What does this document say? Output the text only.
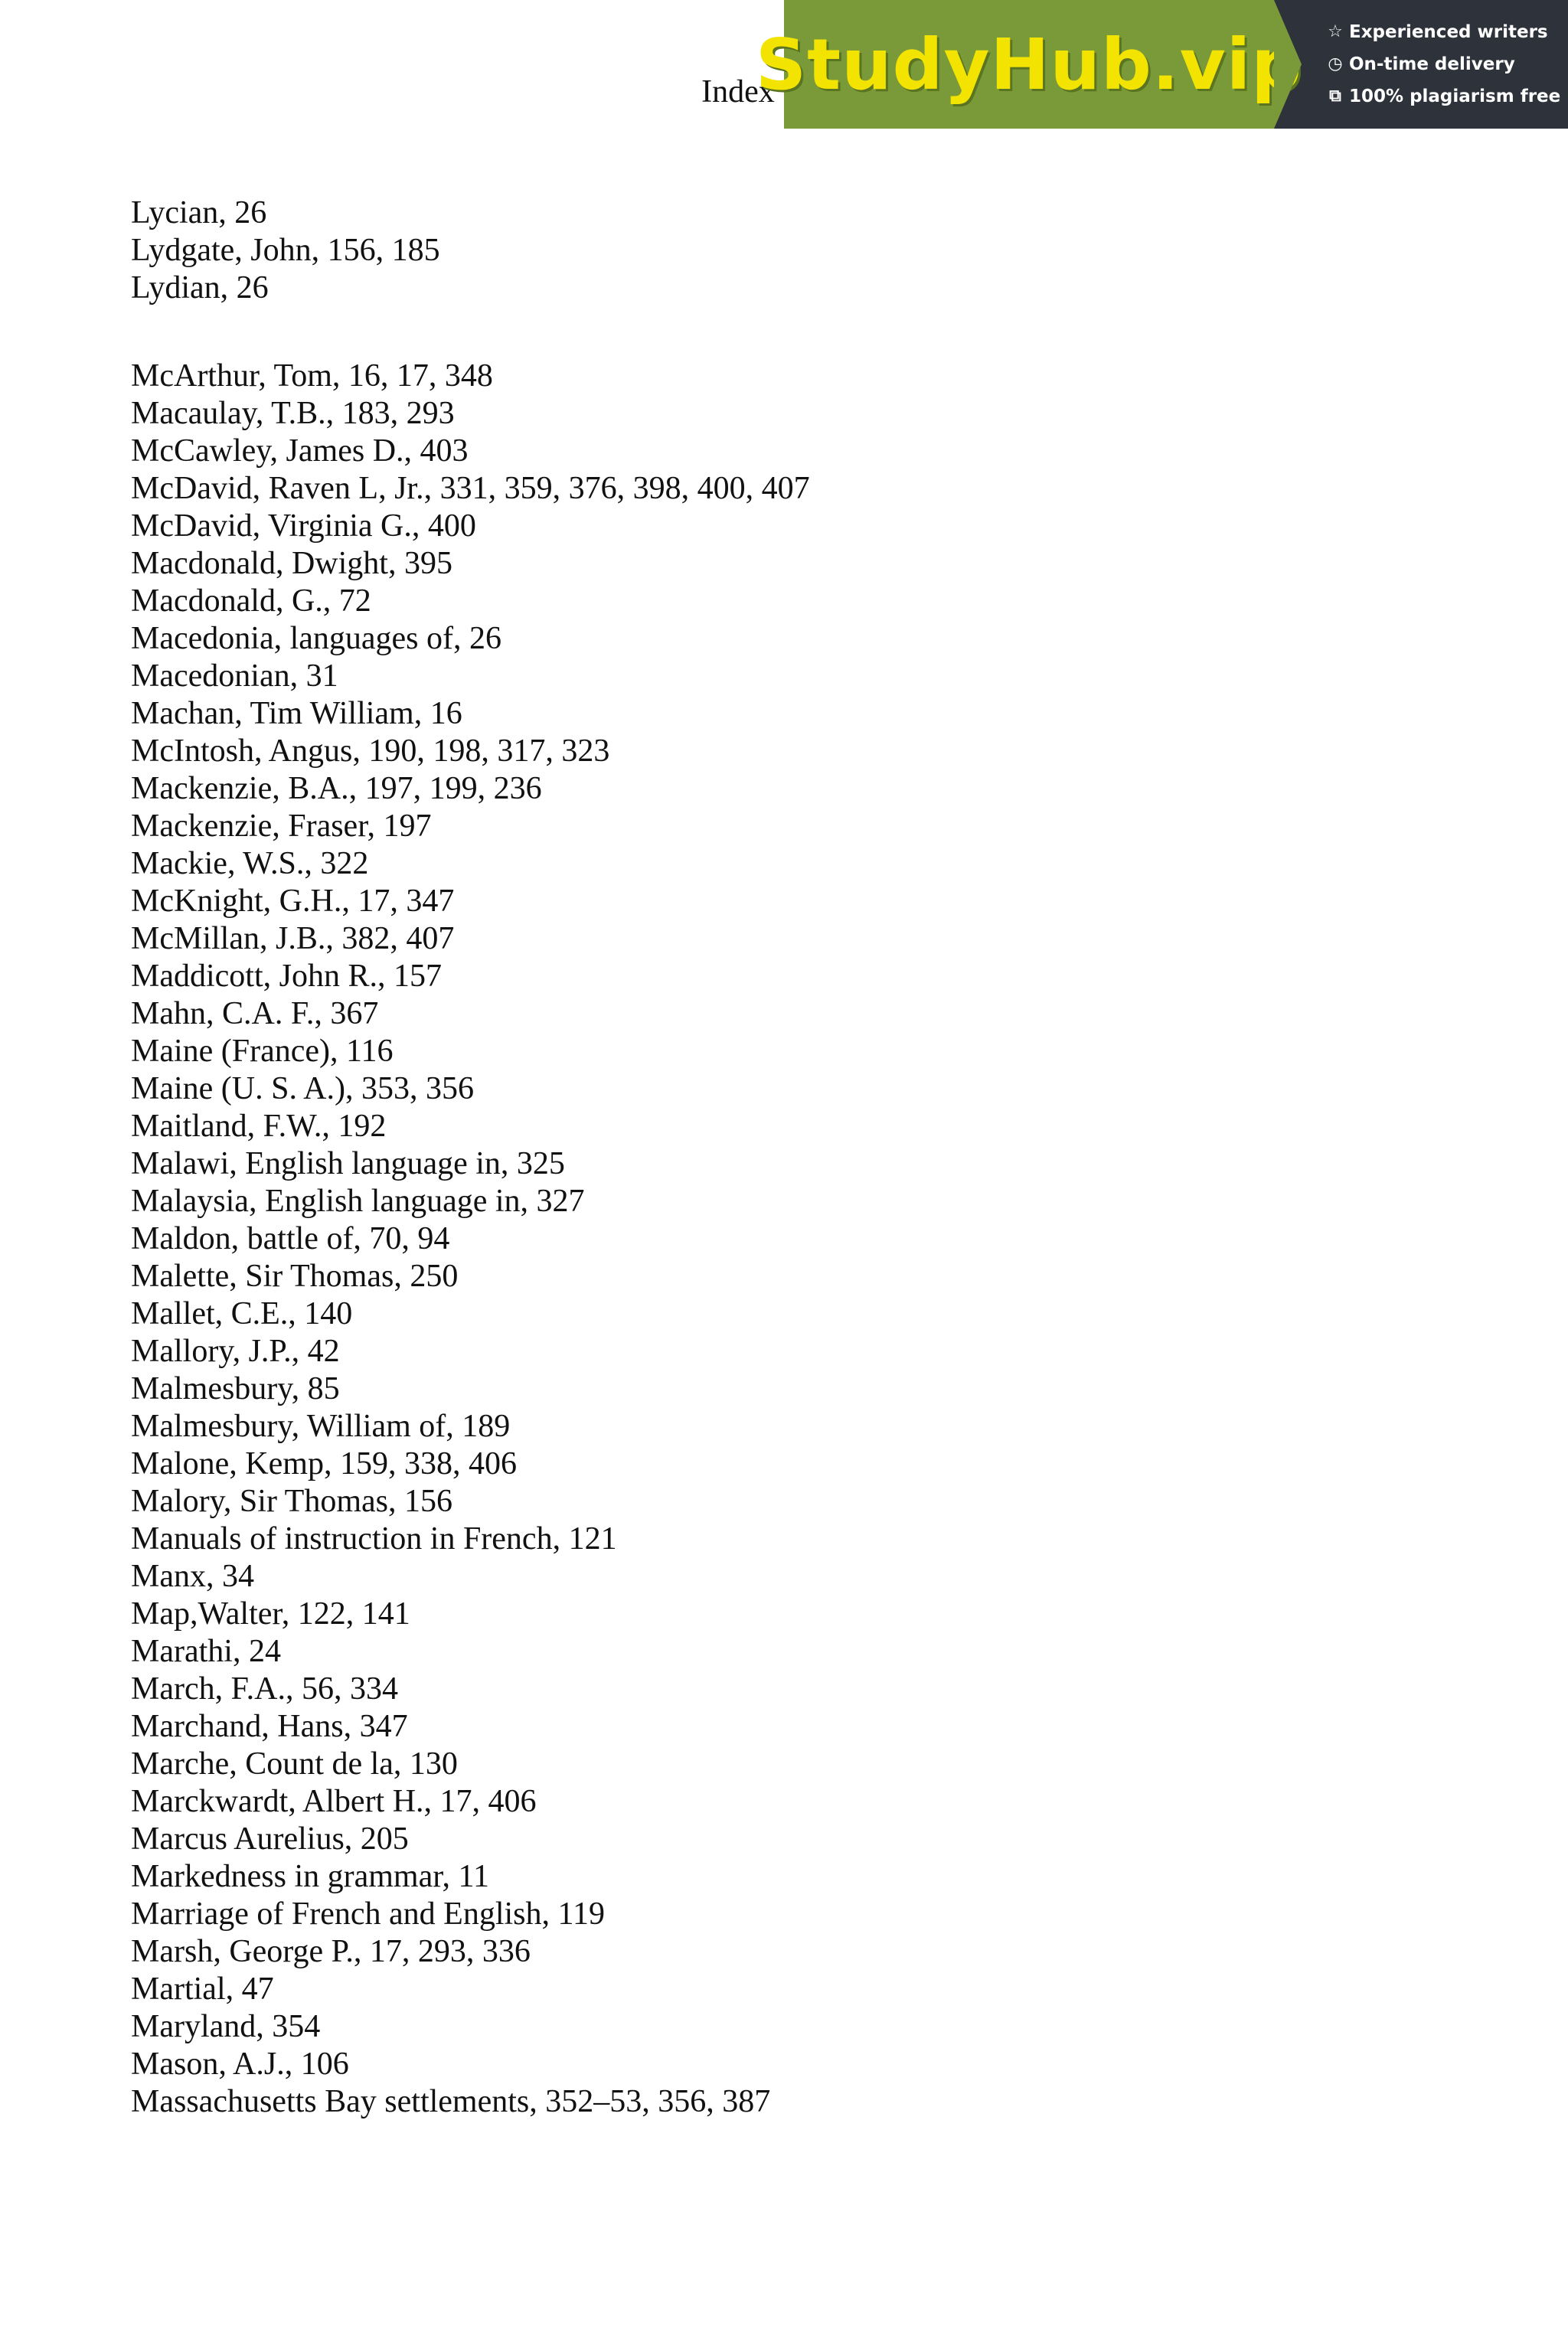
Index
StudyHub.vip ☆ Experienced writers
◷ On-time delivery
⧉ 100% plagiarism free
Lycian, 26
Lydgate, John, 156, 185
Lydian, 26
McArthur, Tom, 16, 17, 348
Macaulay, T.B., 183, 293
McCawley, James D., 403
McDavid, Raven L, Jr., 331, 359, 376, 398, 400, 407
McDavid, Virginia G., 400
Macdonald, Dwight, 395
Macdonald, G., 72
Macedonia, languages of, 26
Macedonian, 31
Machan, Tim William, 16
McIntosh, Angus, 190, 198, 317, 323
Mackenzie, B.A., 197, 199, 236
Mackenzie, Fraser, 197
Mackie, W.S., 322
McKnight, G.H., 17, 347
McMillan, J.B., 382, 407
Maddicott, John R., 157
Mahn, C.A. F., 367
Maine (France), 116
Maine (U. S. A.), 353, 356
Maitland, F.W., 192
Malawi, English language in, 325
Malaysia, English language in, 327
Maldon, battle of, 70, 94
Malette, Sir Thomas, 250
Mallet, C.E., 140
Mallory, J.P., 42
Malmesbury, 85
Malmesbury, William of, 189
Malone, Kemp, 159, 338, 406
Malory, Sir Thomas, 156
Manuals of instruction in French, 121
Manx, 34
Map,Walter, 122, 141
Marathi, 24
March, F.A., 56, 334
Marchand, Hans, 347
Marche, Count de la, 130
Marckwardt, Albert H., 17, 406
Marcus Aurelius, 205
Markedness in grammar, 11
Marriage of French and English, 119
Marsh, George P., 17, 293, 336
Martial, 47
Maryland, 354
Mason, A.J., 106
Massachusetts Bay settlements, 352–53, 356, 387
